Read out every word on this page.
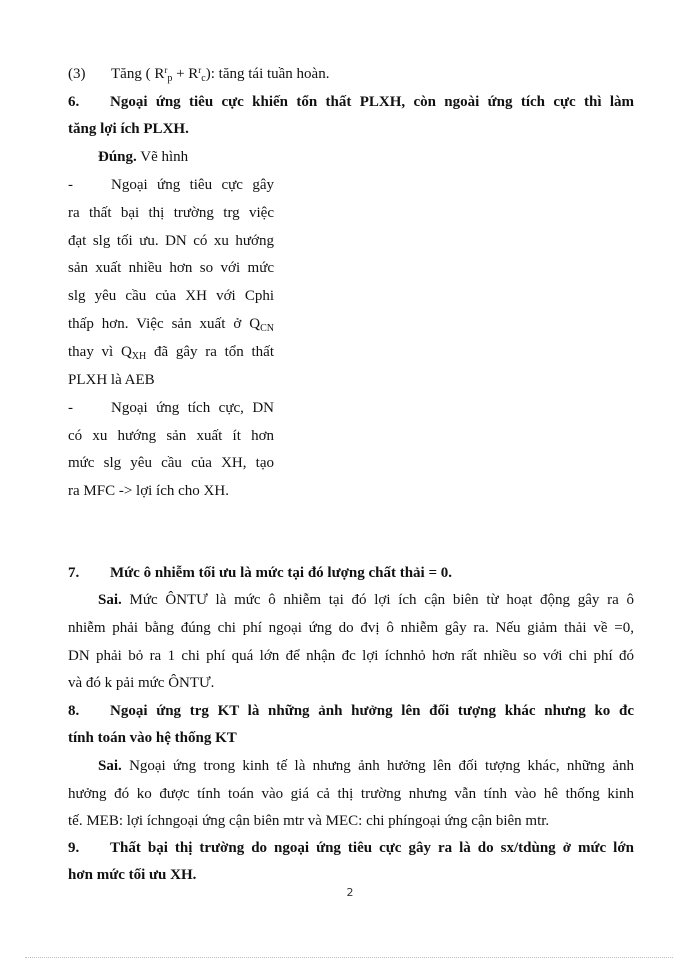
(3) Tăng ( $R^r_p + R^r_c$): tăng tái tuần hoàn.
6. Ngoại ứng tiêu cực khiến tổn thất PLXH, còn ngoài ứng tích cực thì làm
tăng lợi ích PLXH.
Đúng. Vẽ hình
-	Ngoại ứng tiêu cực gây
ra thất bại thị trường trg việc
đạt slg tối ưu. DN có xu hướng
sản xuất nhiều hơn so với mức
slg yêu cầu của XH với Cphi
thấp hơn. Việc sản xuất ở $Q_{CN}$
thay vì $Q_{XH}$ đã gây ra tổn thất
PLXH là AEB
-	Ngoại ứng tích cực, DN
có xu hướng sản xuất ít hơn
mức slg yêu cầu của XH, tạo
ra MFC -> lợi ích cho XH.
7. Mức ô nhiễm tối ưu là mức tại đó lượng chất thải = 0.
Sai. Mức ÔNTƯ là mức ô nhiễm tại đó lợi ích cận biên từ hoạt động gây ra ô
nhiễm phải bằng đúng chi phí ngoại ứng do đvị ô nhiễm gây ra. Nếu giảm thải về =0,
DN phải bỏ ra 1 chi phí quá lớn để nhận đc lợi íchnhỏ hơn rất nhiều so với chi phí đó
và đó k pải mức ÔNTƯ.
8. Ngoại ứng trg KT là những ảnh hưởng lên đối tượng khác nhưng ko đc
tính toán vào hệ thống KT
Sai. Ngoại ứng trong kinh tế là nhưng ảnh hưởng lên đối tượng khác, những ảnh
hưởng đó ko được tính toán vào giá cả thị trường nhưng vẫn tính vào hê thống kinh
tế. MEB: lợi íchngoại ứng cận biên mtr và MEC: chi phíngoại ứng cận biên mtr.
9. Thất bại thị trường do ngoại ứng tiêu cực gây ra là do sx/tdùng ở mức lớn
hơn mức tối ưu XH.
2
